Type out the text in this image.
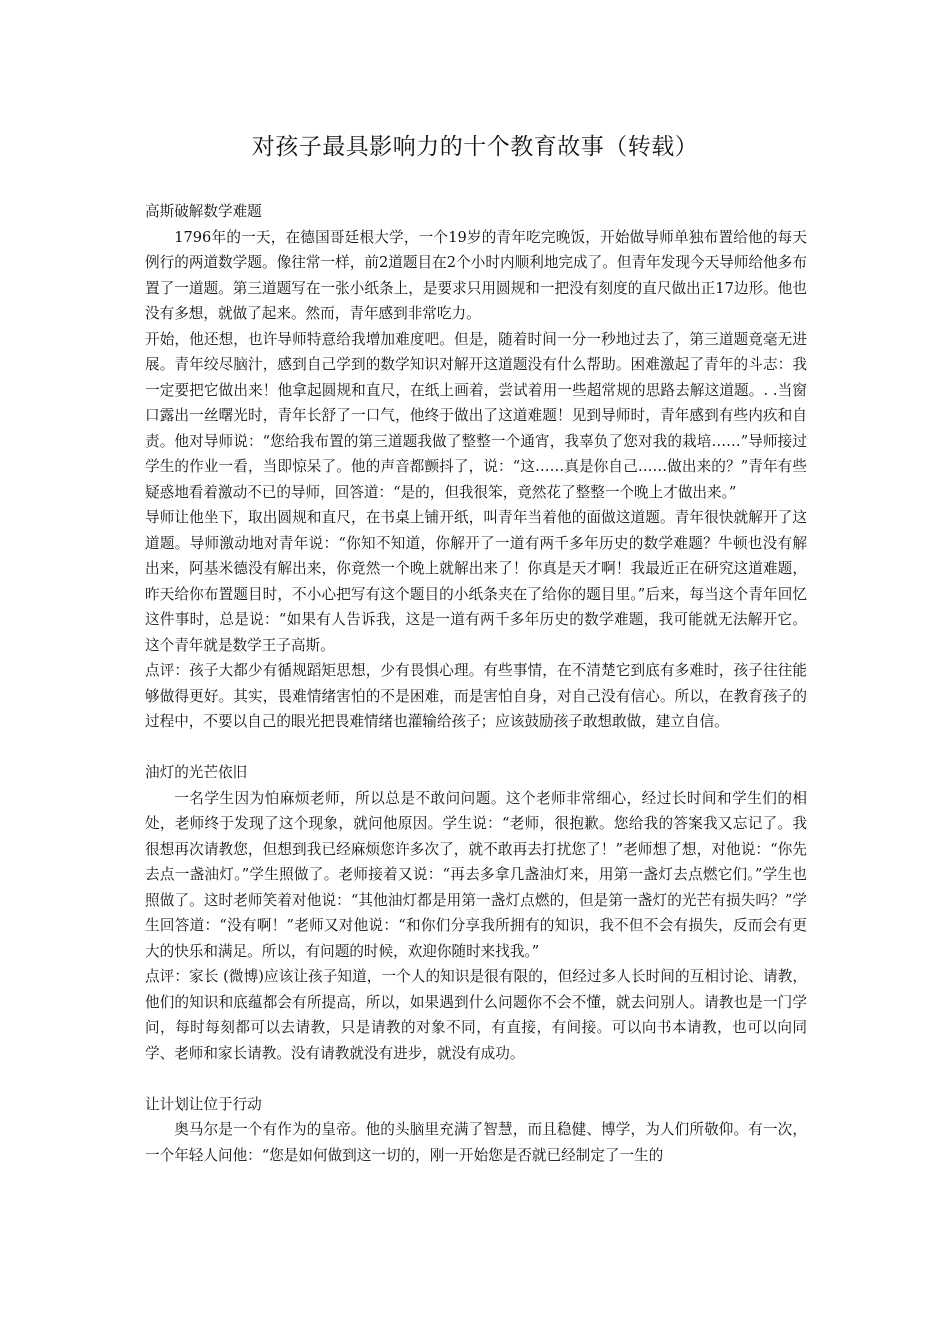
对孩子最具影响力的十个教育故事（转载）
高斯破解数学难题

1796年的一天，在德国哥廷根大学，一个19岁的青年吃完晚饭，开始做导师单独布置给他的每天例行的两道数学题。像往常一样，前2道题目在2个小时内顺利地完成了。但青年发现今天导师给他多布置了一道题。第三道题写在一张小纸条上，是要求只用圆规和一把没有刻度的直尺做出正17边形。他也没有多想，就做了起来。然而，青年感到非常吃力。

开始，他还想，也许导师特意给我增加难度吧。但是，随着时间一分一秒地过去了，第三道题竟毫无进展。青年绞尽脑汁，感到自己学到的数学知识对解开这道题没有什么帮助。困难激起了青年的斗志：我一定要把它做出来！他拿起圆规和直尺，在纸上画着，尝试着用一些超常规的思路去解这道题。. .当窗口露出一丝曙光时，青年长舒了一口气，他终于做出了这道难题！见到导师时，青年感到有些内疚和自责。他对导师说：“您给我布置的第三道题我做了整整一个通宵，我辜负了您对我的栽培……”导师接过学生的作业一看，当即惊呆了。他的声音都颤抖了，说：“这……真是你自己……做出来的？”青年有些疑惑地看着激动不已的导师，回答道：“是的，但我很笨，竟然花了整整一个晚上才做出来。”

导师让他坐下，取出圆规和直尺，在书桌上铺开纸，叫青年当着他的面做这道题。青年很快就解开了这道题。导师激动地对青年说：“你知不知道，你解开了一道有两千多年历史的数学难题？牛顿也没有解出来，阿基米德没有解出来，你竟然一个晚上就解出来了！你真是天才啊！我最近正在研究这道难题，昨天给你布置题目时，不小心把写有这个题目的小纸条夹在了给你的题目里。”后来，每当这个青年回忆这件事时，总是说：“如果有人告诉我，这是一道有两千多年历史的数学难题，我可能就无法解开它。这个青年就是数学王子高斯。

点评：孩子大都少有循规蹈矩思想，少有畏惧心理。有些事情，在不清楚它到底有多难时，孩子往往能够做得更好。其实，畏难情绪害怕的不是困难，而是害怕自身，对自己没有信心。所以，在教育孩子的过程中，不要以自己的眼光把畏难情绪也灌输给孩子；应该鼓励孩子敢想敢做，建立自信。

油灯的光芒依旧

一名学生因为怕麻烦老师，所以总是不敢问问题。这个老师非常细心，经过长时间和学生们的相处，老师终于发现了这个现象，就问他原因。学生说：“老师，很抱歉。您给我的答案我又忘记了。我很想再次请教您，但想到我已经麻烦您许多次了，就不敢再去打扰您了！”老师想了想，对他说：“你先去点一盏油灯。”学生照做了。老师接着又说：“再去多拿几盏油灯来，用第一盏灯去点燃它们。”学生也照做了。这时老师笑着对他说：“其他油灯都是用第一盏灯点燃的，但是第一盏灯的光芒有损失吗？”学生回答道：“没有啊！”老师又对他说：“和你们分享我所拥有的知识，我不但不会有损失，反而会有更大的快乐和满足。所以，有问题的时候，欢迎你随时来找我。”

点评：家长 (微博)应该让孩子知道，一个人的知识是很有限的，但经过多人长时间的互相讨论、请教，他们的知识和底蕴都会有所提高，所以，如果遇到什么问题你不会不懂，就去问别人。请教也是一门学问，每时每刻都可以去请教，只是请教的对象不同，有直接，有间接。可以向书本请教，也可以向同学、老师和家长请教。没有请教就没有进步，就没有成功。

让计划让位于行动

奥马尔是一个有作为的皇帝。他的头脑里充满了智慧，而且稳健、博学，为人们所敬仰。有一次，一个年轻人问他：“您是如何做到这一切的，刚一开始您是否就已经制定了一生的
